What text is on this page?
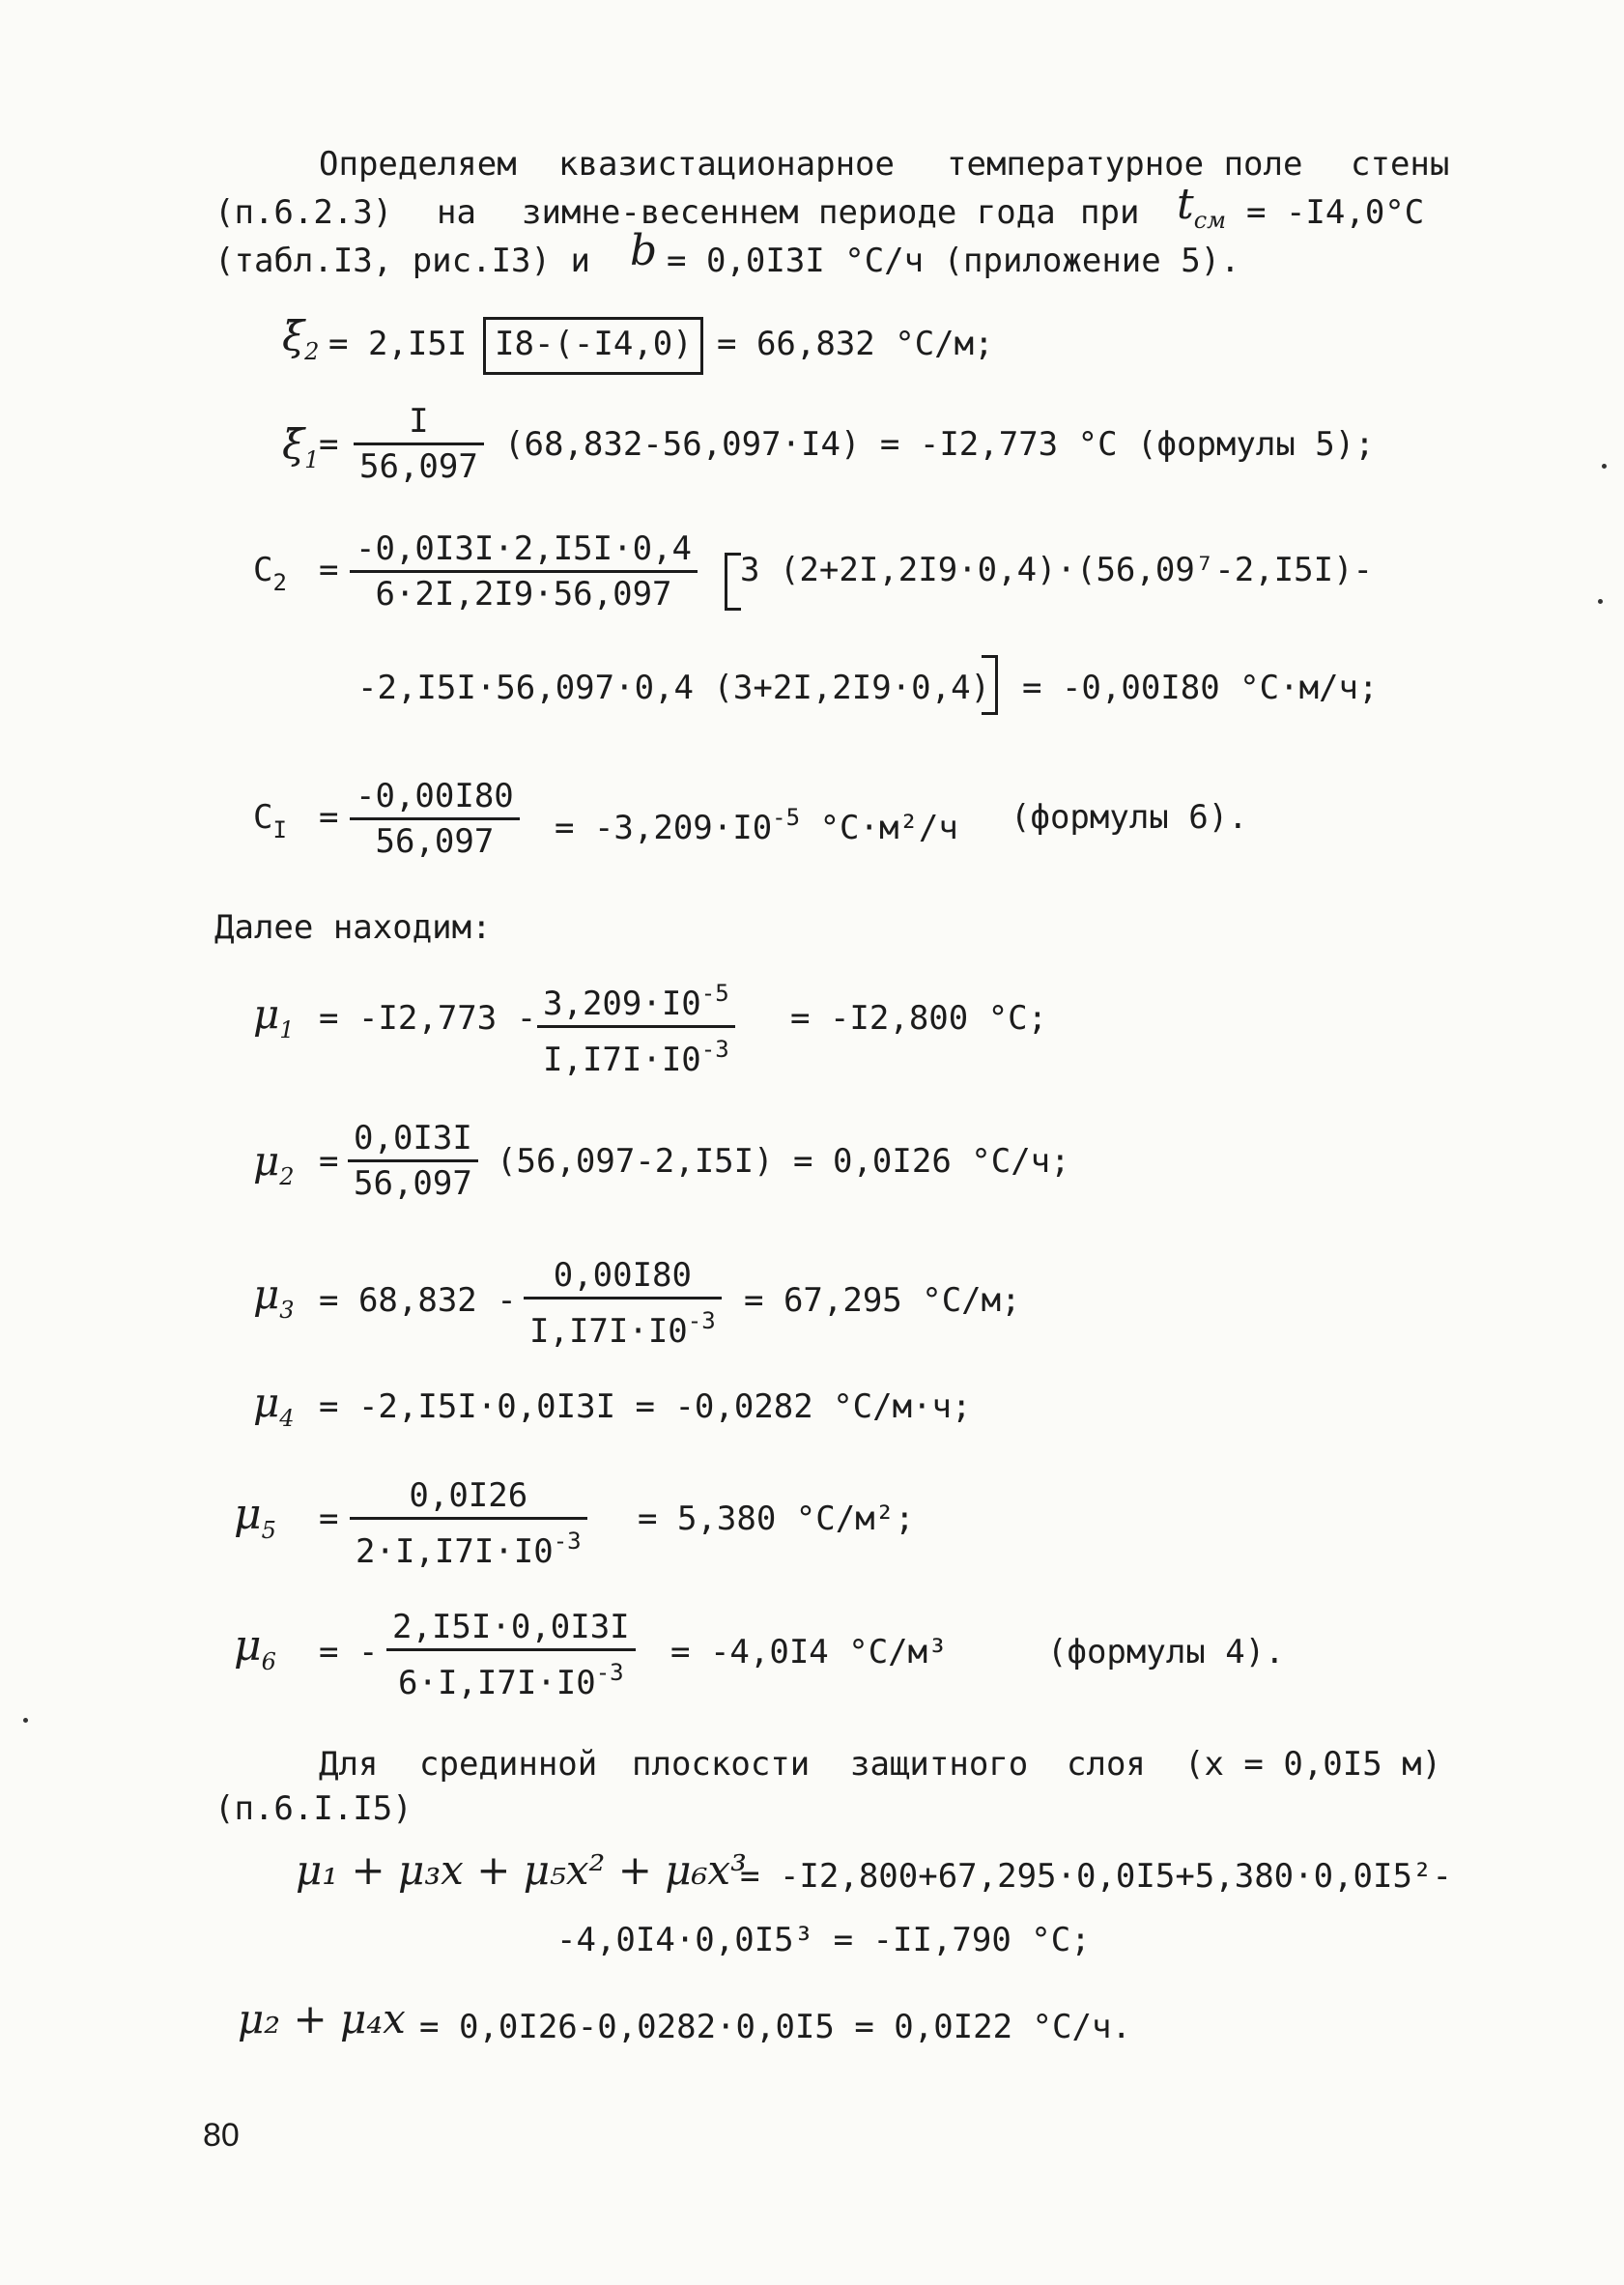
Определяем квазистационарное температурное поле стены
(п.6.2.3) на зимне-весеннем периоде года при $t_{см} = -I4,0^\circ C$
(табл.I3, рис.I3) и b = 0,0I3I °С/ч (приложение 5).
$\xī_2 = 2,I5I$ I8-(-I4,0) = 66,832 °С/м;
$\xī_1 = \frac{I}{56,097} (68,832-56,097\cdot I4) = -I2,773$ °С (формулы 5);
$C_2 = \frac{-0,0I3I\cdot 2,I5I\cdot 0,4}{6\cdot 2I,2I9\cdot 56,097} 3$ (2+2I,2I9·0,4)·(56,09⁷-2,I5I)-
-2,I5I·56,097·0,4 (3+2I,2I9·0,4) = -0,00I80 °С·м/ч;
$C_I = \frac{-0,00I80}{56,097} = -3,209\cdot I0^{-5}$ °С·м²/ч (формулы 6).
Далее находим:
$\mu_1 = -I2,773 - \frac{3,209\cdot I0^{-5}}{I,I7I\cdot I0^{-3}} = -I2,800$ °С;
$\mu_2 = \frac{0,0I3I}{56,097} (56,097-2,I5I) = 0,0I26$ °С/ч;
$\mu_3 = 68,832 - \frac{0,00I80}{I,I7I\cdot I0^{-3}} = 67,295$ °С/м;
$\mu_4 = -2,I5I\cdot 0,0I3I = -0,0282$ °С/м·ч;
$\mu_5 = \frac{0,0I26}{2\cdot I,I7I\cdot I0^{-3}} = 5,380$ °С/м²;
$\mu_6$ = - $\frac{2,I5I\cdot 0,0I3I}{6\cdot I,I7I\cdot I0^{-3}} = -4,0I4$ °С/м³	(формулы 4).
Для срединной плоскости защитного слоя (x = 0,0I5 м)
(п.6.I.I5)
μ₁ + μ₃x + μ₅x² + μ₆x³
= -I2,800+67,295·0,0I5+5,380·0,0I5²-
-4,0I4·0,0I5³ = -II,790 °С;
μ₂ + μ₄x = 0,0I26-0,0282·0,0I5 = 0,0I22 °С/ч.
80
